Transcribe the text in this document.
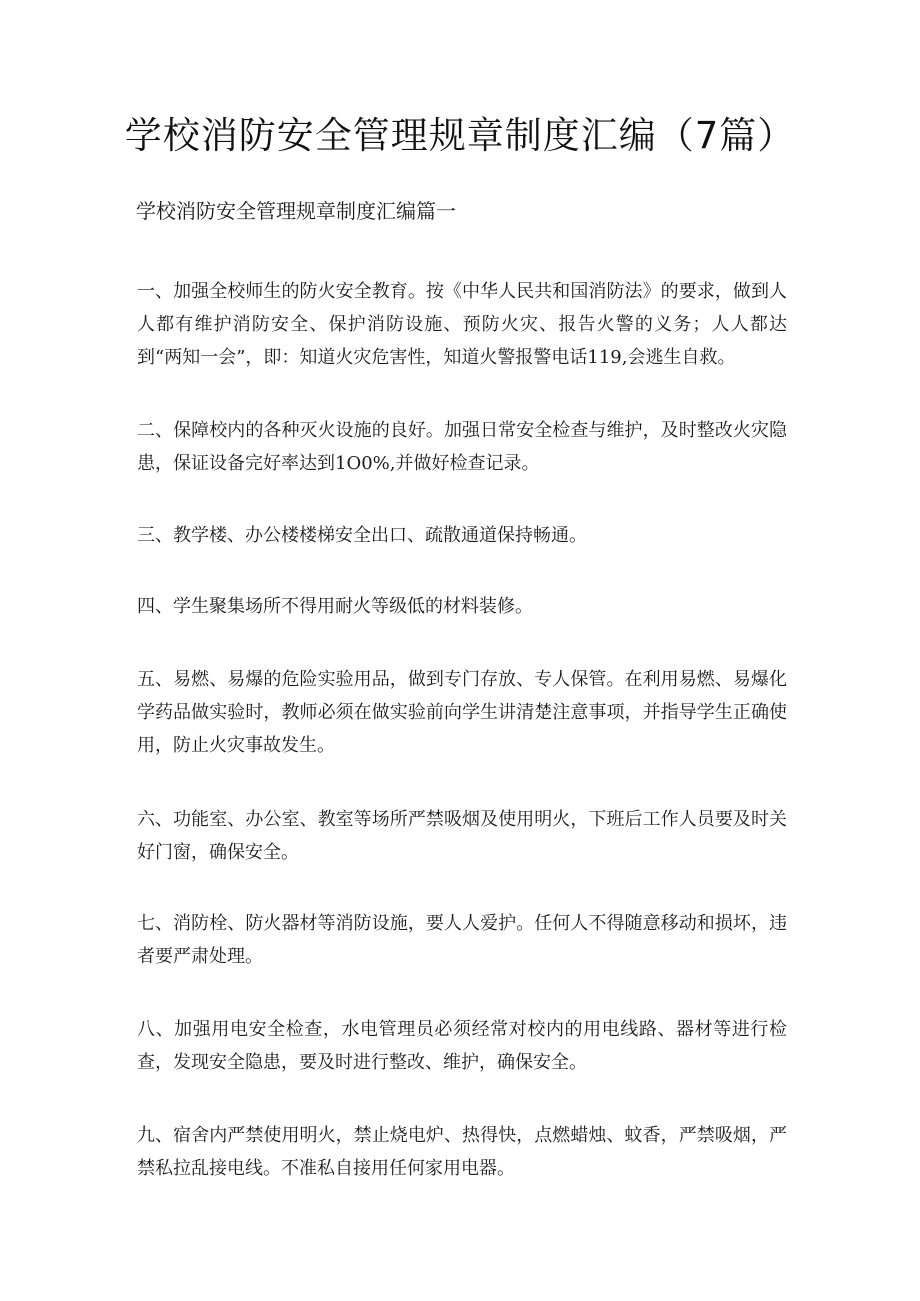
学校消防安全管理规章制度汇编（7篇）
学校消防安全管理规章制度汇编篇一

一、加强全校师生的防火安全教育。按《中华人民共和国消防法》的要求，做到人人都有维护消防安全、保护消防设施、预防火灾、报告火警的义务；人人都达到“两知一会”，即：知道火灾危害性，知道火警报警电话119,会逃生自救。

二、保障校内的各种灭火设施的良好。加强日常安全检查与维护，及时整改火灾隐患，保证设备完好率达到1O0%,并做好检查记录。

三、教学楼、办公楼楼梯安全出口、疏散通道保持畅通。

四、学生聚集场所不得用耐火等级低的材料装修。

五、易燃、易爆的危险实验用品，做到专门存放、专人保管。在利用易燃、易爆化学药品做实验时，教师必须在做实验前向学生讲清楚注意事项，并指导学生正确使用，防止火灾事故发生。

六、功能室、办公室、教室等场所严禁吸烟及使用明火，下班后工作人员要及时关好门窗，确保安全。

七、消防栓、防火器材等消防设施，要人人爱护。任何人不得随意移动和损坏，违者要严肃处理。

八、加强用电安全检查，水电管理员必须经常对校内的用电线路、器材等进行检查，发现安全隐患，要及时进行整改、维护，确保安全。

九、宿舍内严禁使用明火，禁止烧电炉、热得快，点燃蜡烛、蚊香，严禁吸烟，严禁私拉乱接电线。不准私自接用任何家用电器。
